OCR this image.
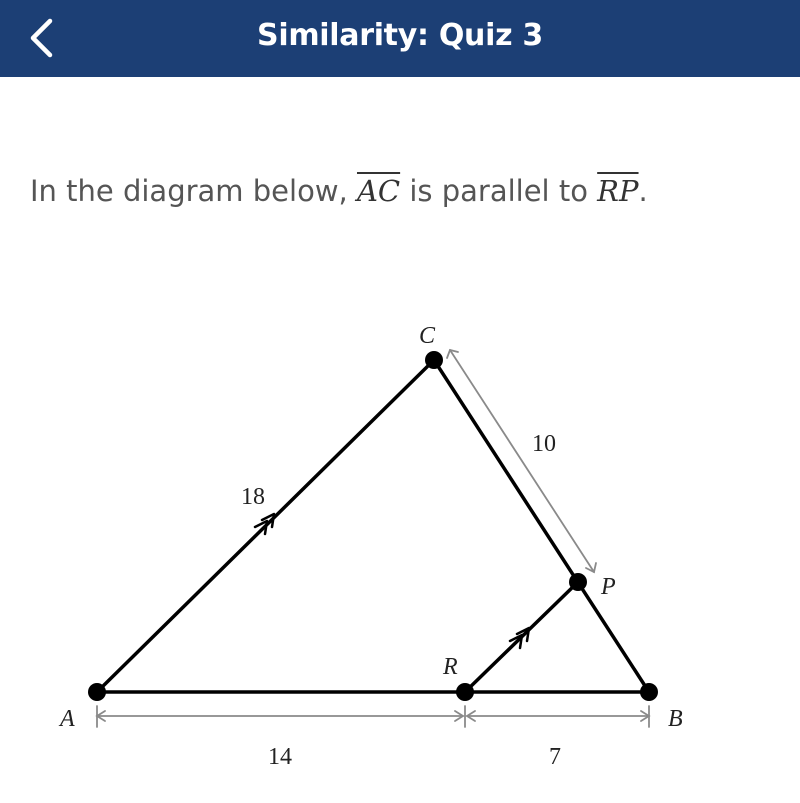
Similarity: Quiz 3
In the diagram below, $\overline{AC}$ is parallel to $\overline{RP}$.
A	B
C
P
R
18
10
14	7
